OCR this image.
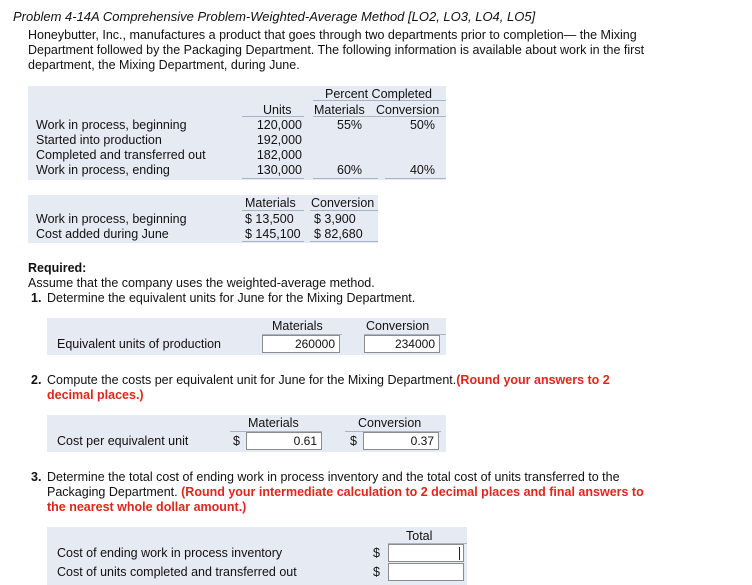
Problem 4-14A Comprehensive Problem-Weighted-Average Method [LO2, LO3, LO4, LO5]
Honeybutter, Inc., manufactures a product that goes through two departments prior to completion— the Mixing Department followed by the Packaging Department. The following information is available about work in the first department, the Mixing Department, during June.
Percent Completed
Units Materials Conversion
Work in process, beginning	120,000	55%	50%
Started into production	192,000
Completed and transferred out	182,000
Work in process, ending	130,000	60%	40%
Materials Conversion
Work in process, beginning	$ 13,500 $ 3,900
Cost added during June	$ 145,100 $ 82,680
Required:
Assume that the company uses the weighted-average method.
1. Determine the equivalent units for June for the Mixing Department.
Materials	Conversion
Equivalent units of production	260000	234000
2. Compute the costs per equivalent unit for June for the Mixing Department.(Round your answers to 2 decimal places.)
Materials	Conversion
Cost per equivalent unit	$	0.61	$	0.37
3. Determine the total cost of ending work in process inventory and the total cost of units transferred to the Packaging Department. (Round your intermediate calculation to 2 decimal places and final answers to the nearest whole dollar amount.)
Total
Cost of ending work in process inventory	$
Cost of units completed and transferred out	$
